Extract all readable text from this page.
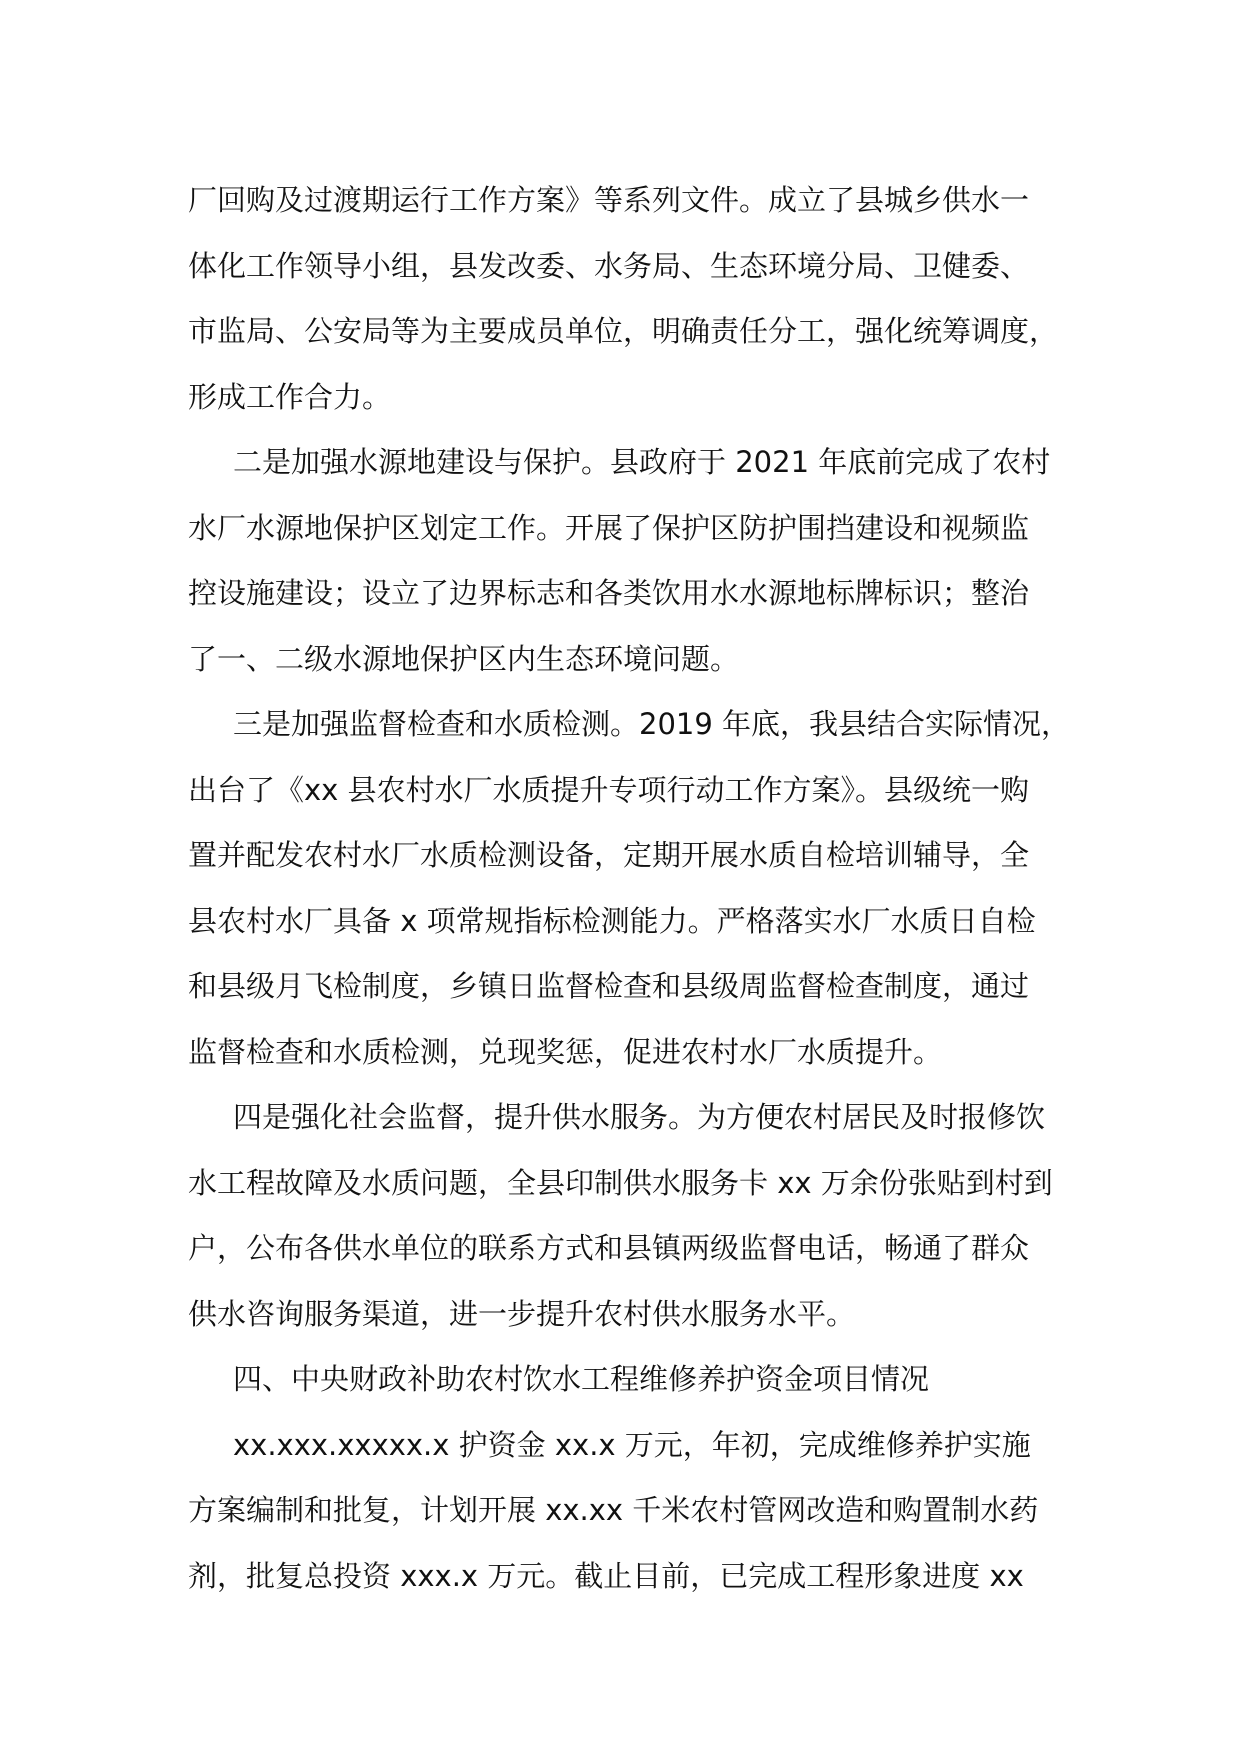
厂回购及过渡期运行工作方案》等系列文件。成立了县城乡供水一
体化工作领导小组，县发改委、水务局、生态环境分局、卫健委、
市监局、公安局等为主要成员单位，明确责任分工，强化统筹调度，
形成工作合力。
二是加强水源地建设与保护。县政府于 2021 年底前完成了农村
水厂水源地保护区划定工作。开展了保护区防护围挡建设和视频监
控设施建设；设立了边界标志和各类饮用水水源地标牌标识；整治
了一、二级水源地保护区内生态环境问题。
三是加强监督检查和水质检测。2019 年底，我县结合实际情况，
出台了《xx 县农村水厂水质提升专项行动工作方案》。县级统一购
置并配发农村水厂水质检测设备，定期开展水质自检培训辅导，全
县农村水厂具备 x 项常规指标检测能力。严格落实水厂水质日自检
和县级月飞检制度，乡镇日监督检查和县级周监督检查制度，通过
监督检查和水质检测，兑现奖惩，促进农村水厂水质提升。
四是强化社会监督，提升供水服务。为方便农村居民及时报修饮
水工程故障及水质问题，全县印制供水服务卡 xx 万余份张贴到村到
户，公布各供水单位的联系方式和县镇两级监督电话，畅通了群众
供水咨询服务渠道，进一步提升农村供水服务水平。
四、中央财政补助农村饮水工程维修养护资金项目情况
xx.xxx.xxxxx.x 护资金 xx.x 万元，年初，完成维修养护实施
方案编制和批复，计划开展 xx.xx 千米农村管网改造和购置制水药
剂，批复总投资 xxx.x 万元。截止目前，已完成工程形象进度 xx
